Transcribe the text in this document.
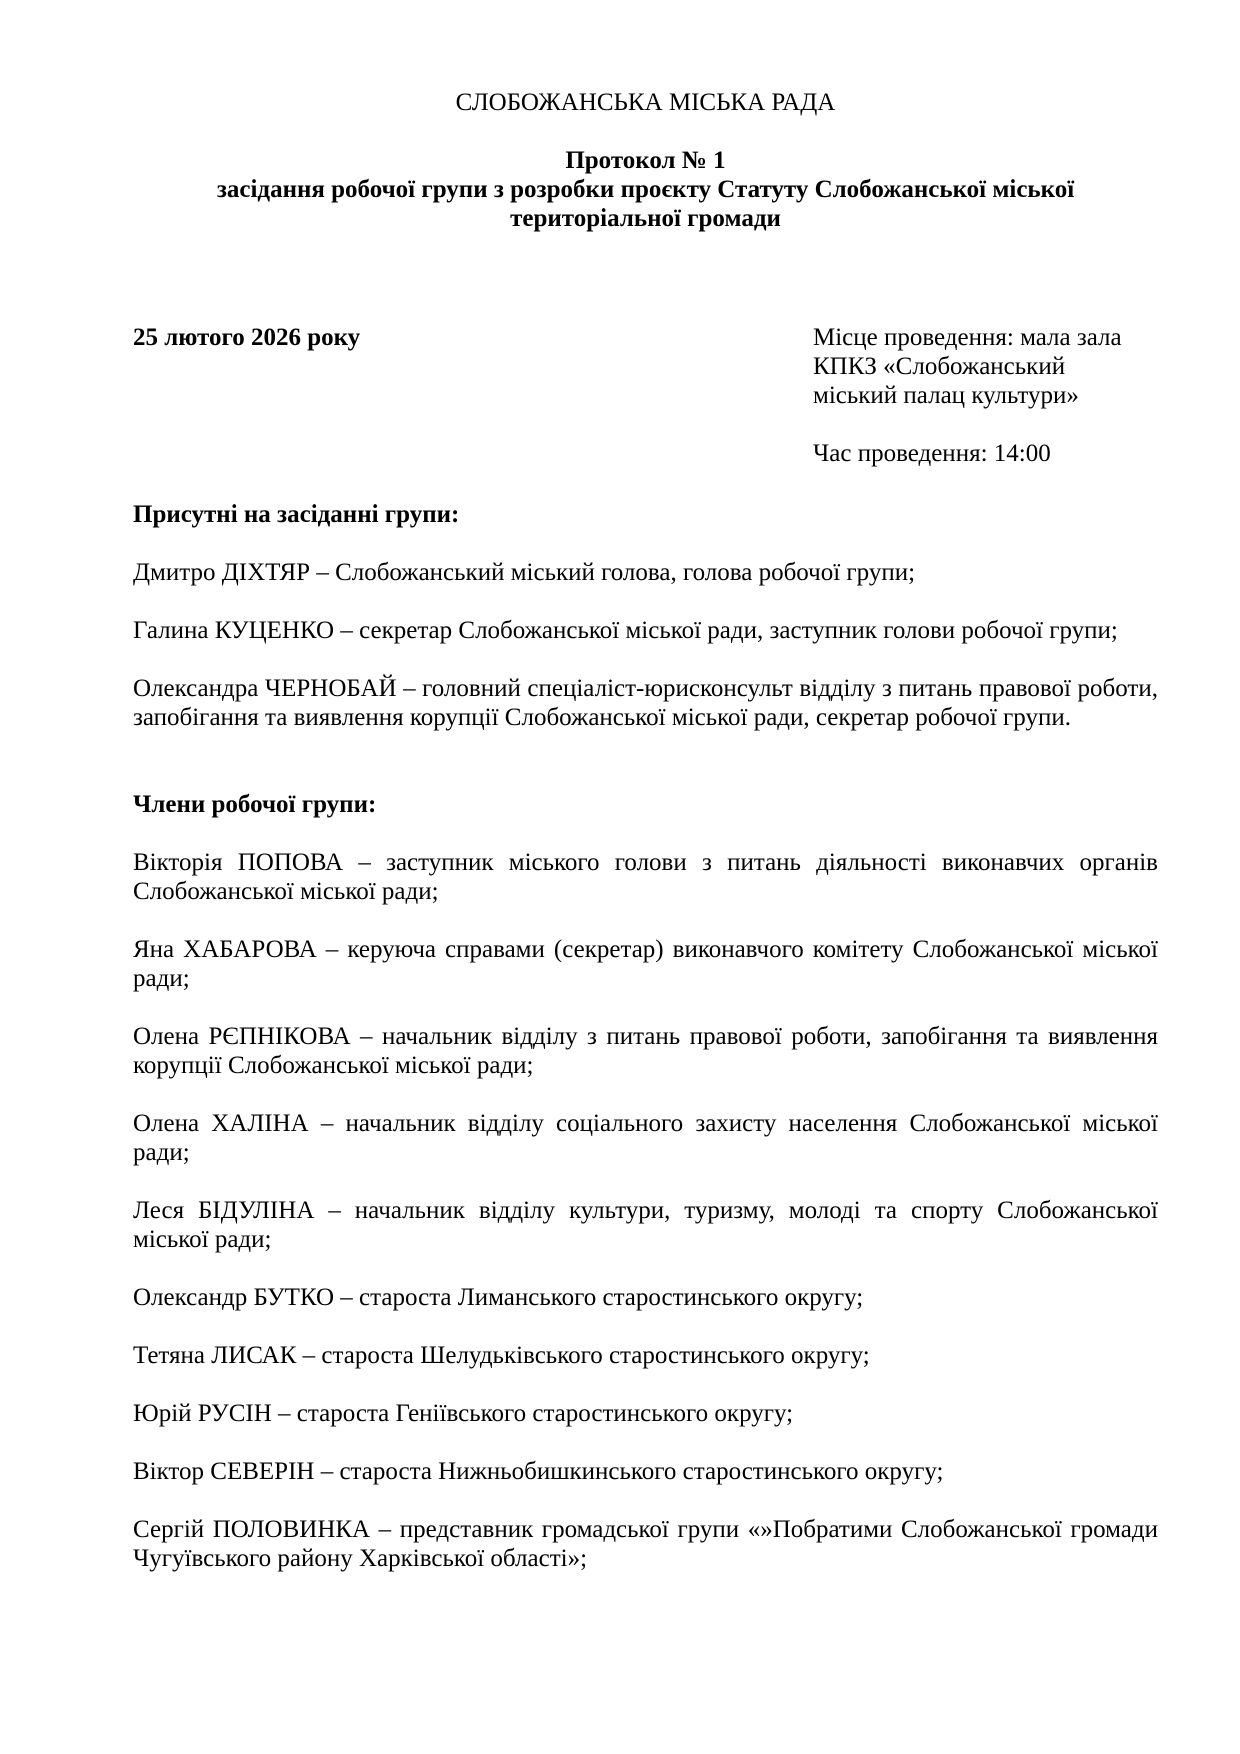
СЛОБОЖАНСЬКА МІСЬКА РАДА

Протокол № 1
засідання робочої групи з розробки проєкту Статуту Слобожанської міської
територіальної громади
25 лютого 2026 року	Місце проведення: мала зала
КПКЗ «Слобожанський
міський палац культури»
Час проведення: 14:00

Присутні на засіданні групи:

Дмитро ДІХТЯР – Слобожанський міський голова, голова робочої групи;

Галина КУЦЕНКО – секретар Слобожанської міської ради, заступник голови робочої групи;

Олександра ЧЕРНОБАЙ – головний спеціаліст-юрисконсульт відділу з питань правової роботи, запобігання та виявлення корупції Слобожанської міської ради, секретар робочої групи.

Члени робочої групи:

Вікторія ПОПОВА – заступник міського голови з питань діяльності виконавчих органів Слобожанської міської ради;

Яна ХАБАРОВА – керуюча справами (секретар) виконавчого комітету Слобожанської міської ради;

Олена РЄПНІКОВА – начальник відділу з питань правової роботи, запобігання та виявлення корупції Слобожанської міської ради;

Олена ХАЛІНА – начальник відділу соціального захисту населення Слобожанської міської ради;

Леся БІДУЛІНА – начальник відділу культури, туризму, молоді та спорту Слобожанської міської ради;

Олександр БУТКО – староста Лиманського старостинського округу;

Тетяна ЛИСАК – староста Шелудьківського старостинського округу;

Юрій РУСІН – староста Геніївського старостинського округу;

Віктор СЕВЕРІН – староста Нижньобишкинського старостинського округу;

Сергій ПОЛОВИНКА – представник громадської групи «»Побратими Слобожанської громади Чугуївського району Харківської області»;
